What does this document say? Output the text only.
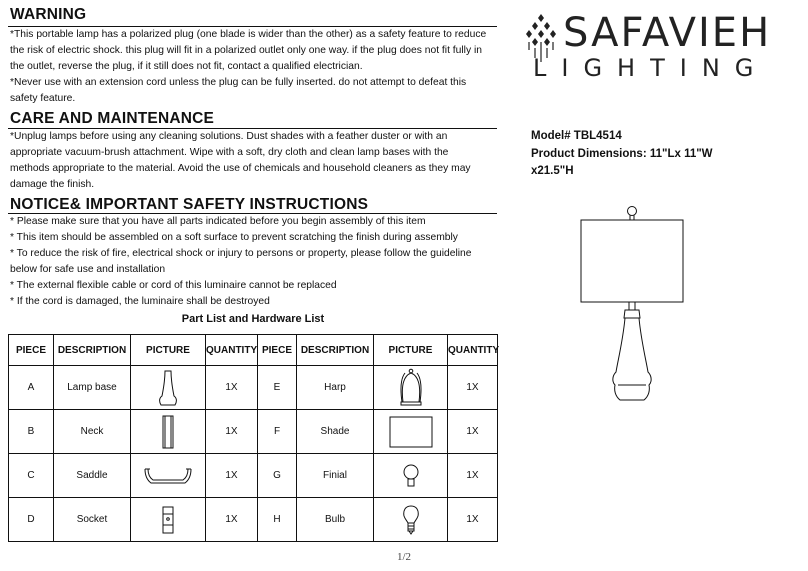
WARNING
*This portable lamp has a polarized plug (one blade is wider than the other) as a safety feature to reduce
the risk of electric shock. this plug will fit in a polarized outlet only one way. if the plug does not fit fully in
the outlet, reverse the plug, if it still does not fit, contact a qualified electrician.
*Never use with an extension cord unless the plug can be fully inserted. do not attempt to defeat this
safety feature.
CARE AND MAINTENANCE
*Unplug lamps before using any cleaning solutions. Dust shades with a feather duster or with an
appropriate vacuum-brush attachment. Wipe with a soft, dry cloth and clean lamp bases with the
methods appropriate to the material. Avoid the use of chemicals and household cleaners as they may
damage the finish.
NOTICE& IMPORTANT SAFETY INSTRUCTIONS
* Please make sure that you have all parts indicated before you begin assembly of this item
* This item should be assembled on a soft surface to prevent scratching the finish during assembly
* To reduce the risk of fire, electrical shock or injury to persons or property, please follow the guideline
below for safe use and installation
* The external flexible cable or cord of this luminaire cannot be replaced
* If the cord is damaged, the luminaire shall be destroyed
SAFAVIEH
LIGHTING
Model# TBL4514
Product Dimensions: 11"Lx 11"W
x21.5"H
Part List and Hardware List
PIECE	DESCRIPTION	PICTURE	QUANTITY	PIECE	DESCRIPTION	PICTURE	QUANTITY
A	Lamp base		1X	E	Harp		1X
B	Neck		1X	F	Shade		1X
C	Saddle		1X	G	Finial		1X
D	Socket		1X	H	Bulb		1X
1/2
